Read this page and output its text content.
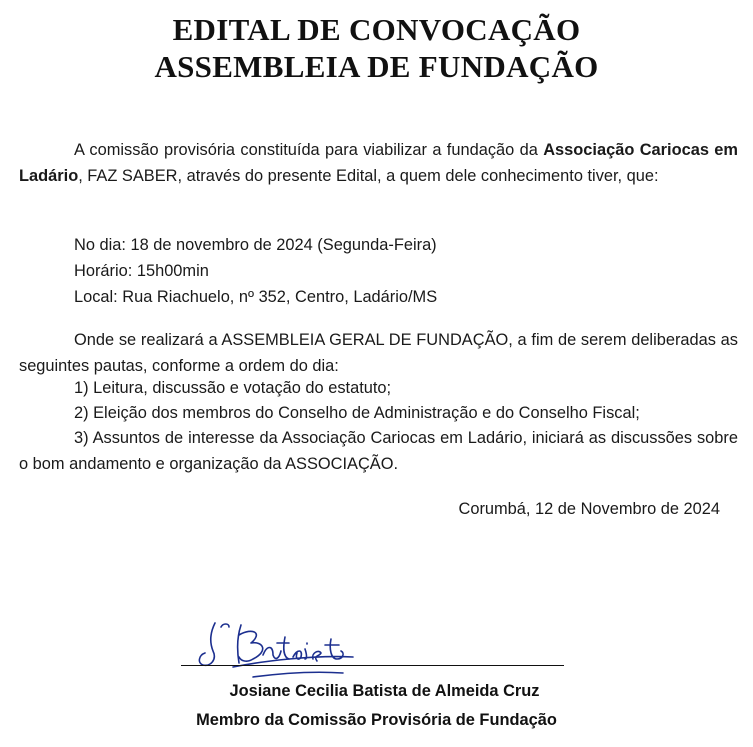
EDITAL DE CONVOCAÇÃO
ASSEMBLEIA DE FUNDAÇÃO
A comissão provisória constituída para viabilizar a fundação da Associação Cariocas em Ladário, FAZ SABER, através do presente Edital, a quem dele conhecimento tiver, que:
No dia: 18 de novembro de 2024 (Segunda-Feira)
Horário: 15h00min
Local: Rua Riachuelo, nº 352, Centro, Ladário/MS
Onde se realizará a ASSEMBLEIA GERAL DE FUNDAÇÃO, a fim de serem deliberadas as seguintes pautas, conforme a ordem do dia:
1) Leitura, discussão e votação do estatuto;
2) Eleição dos membros do Conselho de Administração e do Conselho Fiscal;
3) Assuntos de interesse da Associação Cariocas em Ladário, iniciará as discussões sobre o bom andamento e organização da ASSOCIAÇÃO.
Corumbá, 12 de Novembro de 2024
Josiane Cecilia Batista de Almeida Cruz
Membro da Comissão Provisória de Fundação
